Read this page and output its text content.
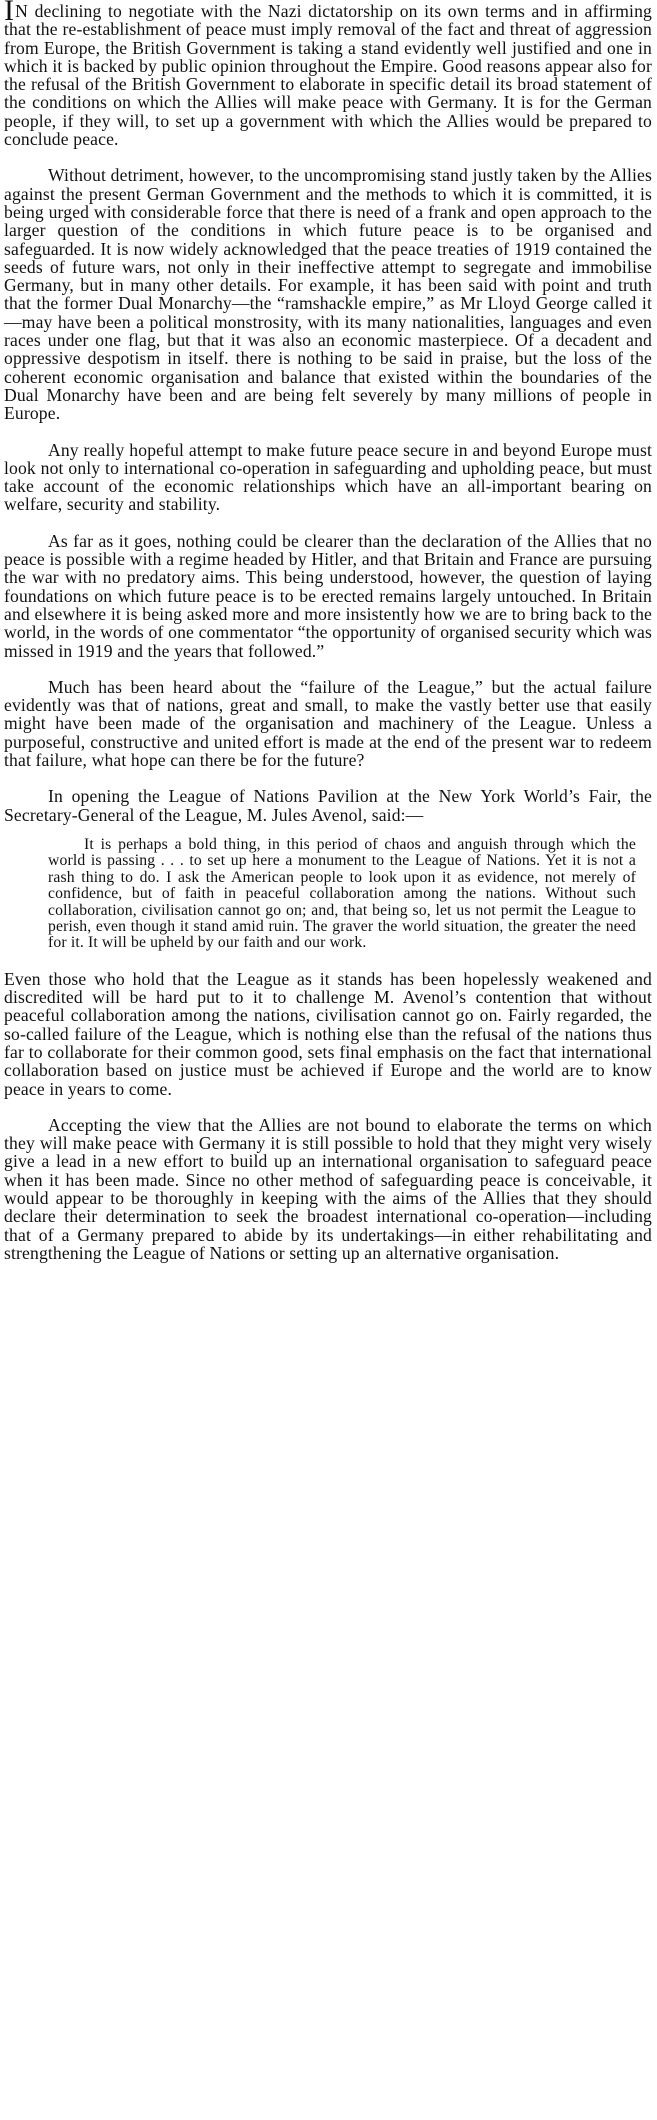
IN declining to negotiate with the Nazi dictatorship on its own terms and in affirming that the re-establishment of peace must imply removal of the fact and threat of aggression from Europe, the British Government is taking a stand evidently well justified and one in which it is backed by public opinion throughout the Empire. Good reasons appear also for the refusal of the British Government to elaborate in specific detail its broad statement of the conditions on which the Allies will make peace with Germany. It is for the German people, if they will, to set up a government with which the Allies would be prepared to conclude peace.

Without detriment, however, to the uncompromising stand justly taken by the Allies against the present German Government and the methods to which it is committed, it is being urged with considerable force that there is need of a frank and open approach to the larger question of the conditions in which future peace is to be organised and safeguarded. It is now widely acknowledged that the peace treaties of 1919 contained the seeds of future wars, not only in their ineffective attempt to segregate and immobilise Germany, but in many other details. For example, it has been said with point and truth that the former Dual Monarchy—the “ramshackle empire,” as Mr Lloyd George called it—may have been a political monstrosity, with its many nationalities, languages and even races under one flag, but that it was also an economic masterpiece. Of a decadent and oppressive despotism in itself. there is nothing to be said in praise, but the loss of the coherent economic organisation and balance that existed within the boundaries of the Dual Monarchy have been and are being felt severely by many millions of people in Europe.

Any really hopeful attempt to make future peace secure in and beyond Europe must look not only to international co-operation in safeguarding and upholding peace, but must take account of the economic relationships which have an all-important bearing on welfare, security and stability.

As far as it goes, nothing could be clearer than the declaration of the Allies that no peace is possible with a regime headed by Hitler, and that Britain and France are pursuing the war with no predatory aims. This being understood, however, the question of laying foundations on which future peace is to be erected remains largely untouched. In Britain and elsewhere it is being asked more and more insistently how we are to bring back to the world, in the words of one commentator “the opportunity of organised security which was missed in 1919 and the years that followed.”

Much has been heard about the “failure of the League,” but the actual failure evidently was that of nations, great and small, to make the vastly better use that easily might have been made of the organisation and machinery of the League. Unless a purposeful, constructive and united effort is made at the end of the present war to redeem that failure, what hope can there be for the future?

In opening the League of Nations Pavilion at the New York World’s Fair, the Secretary-General of the League, M. Jules Avenol, said:—

It is perhaps a bold thing, in this period of chaos and anguish through which the world is passing . . . to set up here a monument to the League of Nations. Yet it is not a rash thing to do. I ask the American people to look upon it as evidence, not merely of confidence, but of faith in peaceful collaboration among the nations. Without such collaboration, civilisation cannot go on; and, that being so, let us not permit the League to perish, even though it stand amid ruin. The graver the world situation, the greater the need for it. It will be upheld by our faith and our work.

Even those who hold that the League as it stands has been hopelessly weakened and discredited will be hard put to it to challenge M. Avenol’s contention that without peaceful collaboration among the nations, civilisation cannot go on. Fairly regarded, the so-called failure of the League, which is nothing else than the refusal of the nations thus far to collaborate for their common good, sets final emphasis on the fact that international collaboration based on justice must be achieved if Europe and the world are to know peace in years to come.

Accepting the view that the Allies are not bound to elaborate the terms on which they will make peace with Germany it is still possible to hold that they might very wisely give a lead in a new effort to build up an international organisation to safeguard peace when it has been made. Since no other method of safeguarding peace is conceivable, it would appear to be thoroughly in keeping with the aims of the Allies that they should declare their determination to seek the broadest international co-operation—including that of a Germany prepared to abide by its undertakings—in either rehabilitating and strengthening the League of Nations or setting up an alternative organisation.
